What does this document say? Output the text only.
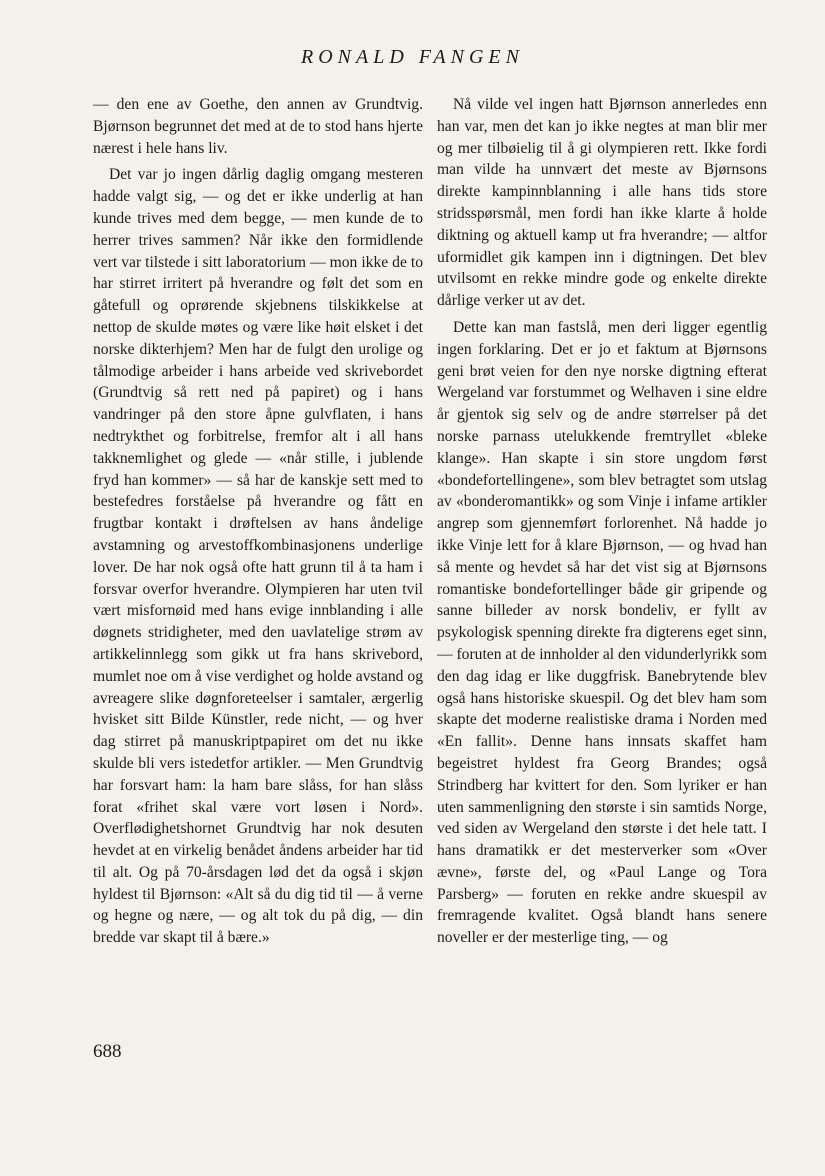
RONALD FANGEN

— den ene av Goethe, den annen av Grundtvig. Bjørnson begrunnet det med at de to stod hans hjerte nærest i hele hans liv.

Det var jo ingen dårlig daglig omgang mesteren hadde valgt sig, — og det er ikke underlig at han kunde trives med dem begge, — men kunde de to herrer trives sammen? Når ikke den formidlende vert var tilstede i sitt laboratorium — mon ikke de to har stirret irritert på hverandre og følt det som en gåtefull og oprørende skjebnens tilskikkelse at nettop de skulde møtes og være like høit elsket i det norske dikterhjem? Men har de fulgt den urolige og tålmodige arbeider i hans arbeide ved skrivebordet (Grundtvig så rett ned på papiret) og i hans vandringer på den store åpne gulvflaten, i hans nedtrykthet og forbitrelse, fremfor alt i all hans takknemlighet og glede — «når stille, i jublende fryd han kommer» — så har de kanskje sett med to bestefedres forståelse på hverandre og fått en frugtbar kontakt i drøftelsen av hans åndelige avstamning og arvestoffkombinasjonens underlige lover. De har nok også ofte hatt grunn til å ta ham i forsvar overfor hverandre. Olympieren har uten tvil vært misfornøid med hans evige innblanding i alle døgnets stridigheter, med den uavlatelige strøm av artikkelinnlegg som gikk ut fra hans skrivebord, mumlet noe om å vise verdighet og holde avstand og avreagere slike døgnforeteelser i samtaler, ærgerlig hvisket sitt Bilde Künstler, rede nicht, — og hver dag stirret på manuskriptpapiret om det nu ikke skulde bli vers istedetfor artikler. — Men Grundtvig har forsvart ham: la ham bare slåss, for han slåss forat «frihet skal være vort løsen i Nord». Overflødighetshornet Grundtvig har nok desuten hevdet at en virkelig benådet åndens arbeider har tid til alt. Og på 70-årsdagen lød det da også i skjøn hyldest til Bjørnson: «Alt så du dig tid til — å verne og hegne og nære, — og alt tok du på dig, — din bredde var skapt til å bære.»

Nå vilde vel ingen hatt Bjørnson annerledes enn han var, men det kan jo ikke negtes at man blir mer og mer tilbøielig til å gi olympieren rett. Ikke fordi man vilde ha unnvært det meste av Bjørnsons direkte kampinnblanning i alle hans tids store stridsspørsmål, men fordi han ikke klarte å holde diktning og aktuell kamp ut fra hverandre; — altfor uformidlet gik kampen inn i digtningen. Det blev utvilsomt en rekke mindre gode og enkelte direkte dårlige verker ut av det.

Dette kan man fastslå, men deri ligger egentlig ingen forklaring. Det er jo et faktum at Bjørnsons geni brøt veien for den nye norske digtning efterat Wergeland var forstummet og Welhaven i sine eldre år gjentok sig selv og de andre størrelser på det norske parnass utelukkende fremtryllet «bleke klange». Han skapte i sin store ungdom først «bondefortellingene», som blev betragtet som utslag av «bonderomantikk» og som Vinje i infame artikler angrep som gjennemført forlorenhet. Nå hadde jo ikke Vinje lett for å klare Bjørnson, — og hvad han så mente og hevdet så har det vist sig at Bjørnsons romantiske bondefortellinger både gir gripende og sanne billeder av norsk bondeliv, er fyllt av psykologisk spenning direkte fra digterens eget sinn, — foruten at de innholder al den vidunderlyrikk som den dag idag er like duggfrisk. Banebrytende blev også hans historiske skuespil. Og det blev ham som skapte det moderne realistiske drama i Norden med «En fallit». Denne hans innsats skaffet ham begeistret hyldest fra Georg Brandes; også Strindberg har kvittert for den. Som lyriker er han uten sammenligning den største i sin samtids Norge, ved siden av Wergeland den største i det hele tatt. I hans dramatikk er det mesterverker som «Over ævne», første del, og «Paul Lange og Tora Parsberg» — foruten en rekke andre skuespil av fremragende kvalitet. Også blandt hans senere noveller er der mesterlige ting, — og

688
